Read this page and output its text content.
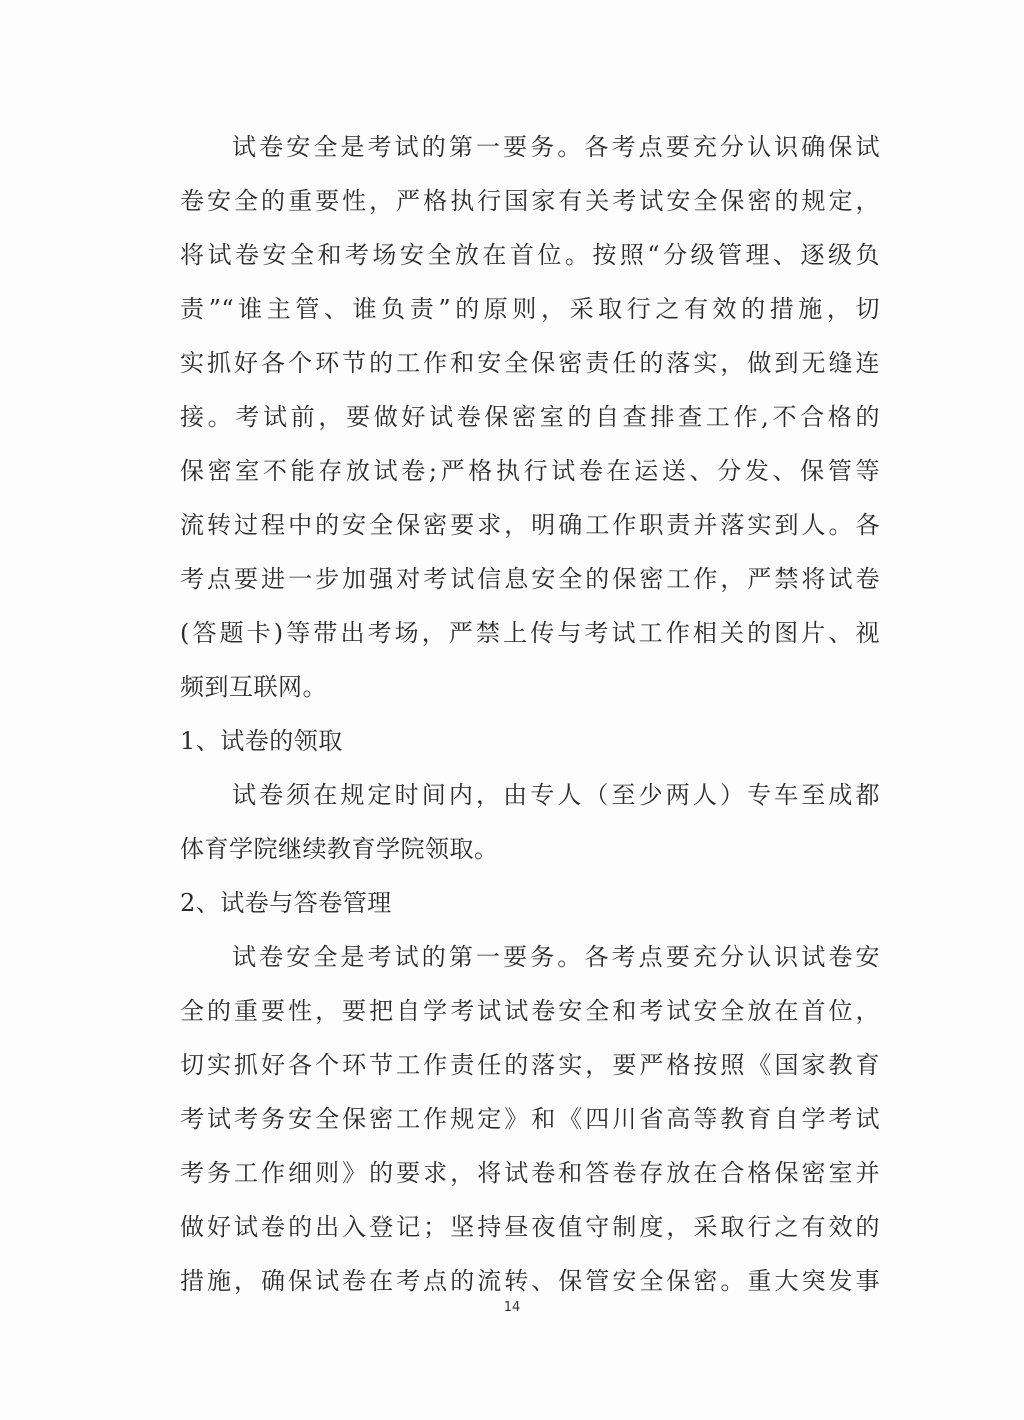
试卷安全是考试的第一要务。各考点要充分认识确保试
卷安全的重要性，严格执行国家有关考试安全保密的规定，
将试卷安全和考场安全放在首位。按照“分级管理、逐级负
责”“谁主管、谁负责”的原则，采取行之有效的措施，切
实抓好各个环节的工作和安全保密责任的落实，做到无缝连
接。考试前，要做好试卷保密室的自查排查工作,不合格的
保密室不能存放试卷;严格执行试卷在运送、分发、保管等
流转过程中的安全保密要求，明确工作职责并落实到人。各
考点要进一步加强对考试信息安全的保密工作，严禁将试卷
(答题卡)等带出考场，严禁上传与考试工作相关的图片、视
频到互联网。
1、试卷的领取
试卷须在规定时间内，由专人（至少两人）专车至成都
体育学院继续教育学院领取。
2、试卷与答卷管理
试卷安全是考试的第一要务。各考点要充分认识试卷安
全的重要性，要把自学考试试卷安全和考试安全放在首位，
切实抓好各个环节工作责任的落实，要严格按照《国家教育
考试考务安全保密工作规定》和《四川省高等教育自学考试
考务工作细则》的要求，将试卷和答卷存放在合格保密室并
做好试卷的出入登记；坚持昼夜值守制度，采取行之有效的
措施，确保试卷在考点的流转、保管安全保密。重大突发事
14
